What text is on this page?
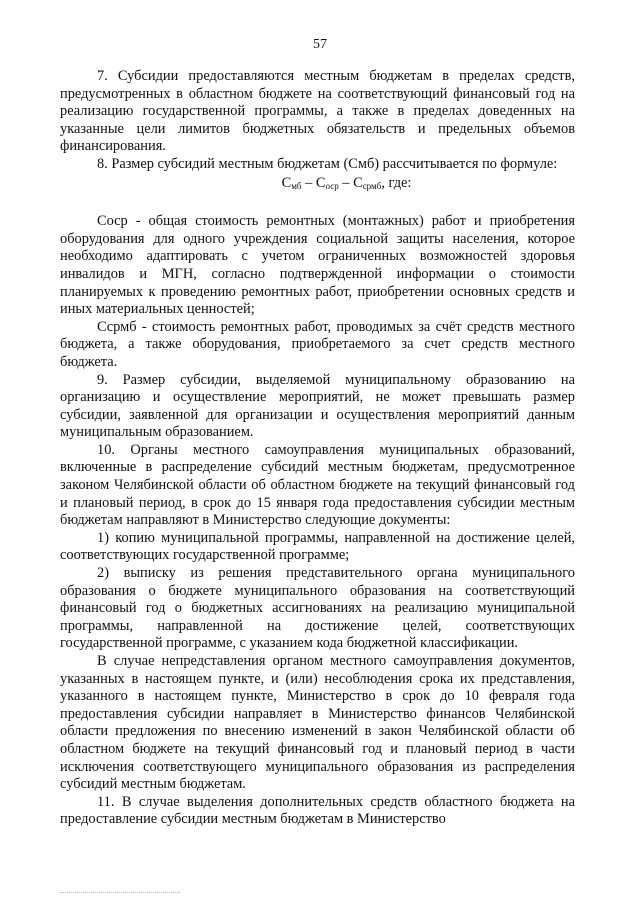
57

7. Субсидии предоставляются местным бюджетам в пределах средств, предусмотренных в областном бюджете на соответствующий финансовый год на реализацию государственной программы, а также в пределах доведенных на указанные цели лимитов бюджетных обязательств и предельных объемов финансирования.

8. Размер субсидий местным бюджетам (Смб) рассчитывается по формуле:

$С_{мб} - С_{оср} - С_{срмб}$, где:

Соср - общая стоимость ремонтных (монтажных) работ и приобретения оборудования для одного учреждения социальной защиты населения, которое необходимо адаптировать с учетом ограниченных возможностей здоровья инвалидов и МГН, согласно подтвержденной информации о стоимости планируемых к проведению ремонтных работ, приобретении основных средств и иных материальных ценностей;

Ссрмб - стоимость ремонтных работ, проводимых за счёт средств местного бюджета, а также оборудования, приобретаемого за счет средств местного бюджета.

9. Размер субсидии, выделяемой муниципальному образованию на организацию и осуществление мероприятий, не может превышать размер субсидии, заявленной для организации и осуществления мероприятий данным муниципальным образованием.

10. Органы местного самоуправления муниципальных образований, включенные в распределение субсидий местным бюджетам, предусмотренное законом Челябинской области об областном бюджете на текущий финансовый год и плановый период, в срок до 15 января года предоставления субсидии местным бюджетам направляют в Министерство следующие документы:

1) копию муниципальной программы, направленной на достижение целей, соответствующих государственной программе;

2) выписку из решения представительного органа муниципального образования о бюджете муниципального образования на соответствующий финансовый год о бюджетных ассигнованиях на реализацию муниципальной программы, направленной на достижение целей, соответствующих государственной программе, с указанием кода бюджетной классификации.

В случае непредставления органом местного самоуправления документов, указанных в настоящем пункте, и (или) несоблюдения срока их представления, указанного в настоящем пункте, Министерство в срок до 10 февраля года предоставления субсидии направляет в Министерство финансов Челябинской области предложения по внесению изменений в закон Челябинской области об областном бюджете на текущий финансовый год и плановый период в части исключения соответствующего муниципального образования из распределения субсидий местным бюджетам.

11. В случае выделения дополнительных средств областного бюджета на предоставление субсидии местным бюджетам в Министерство
